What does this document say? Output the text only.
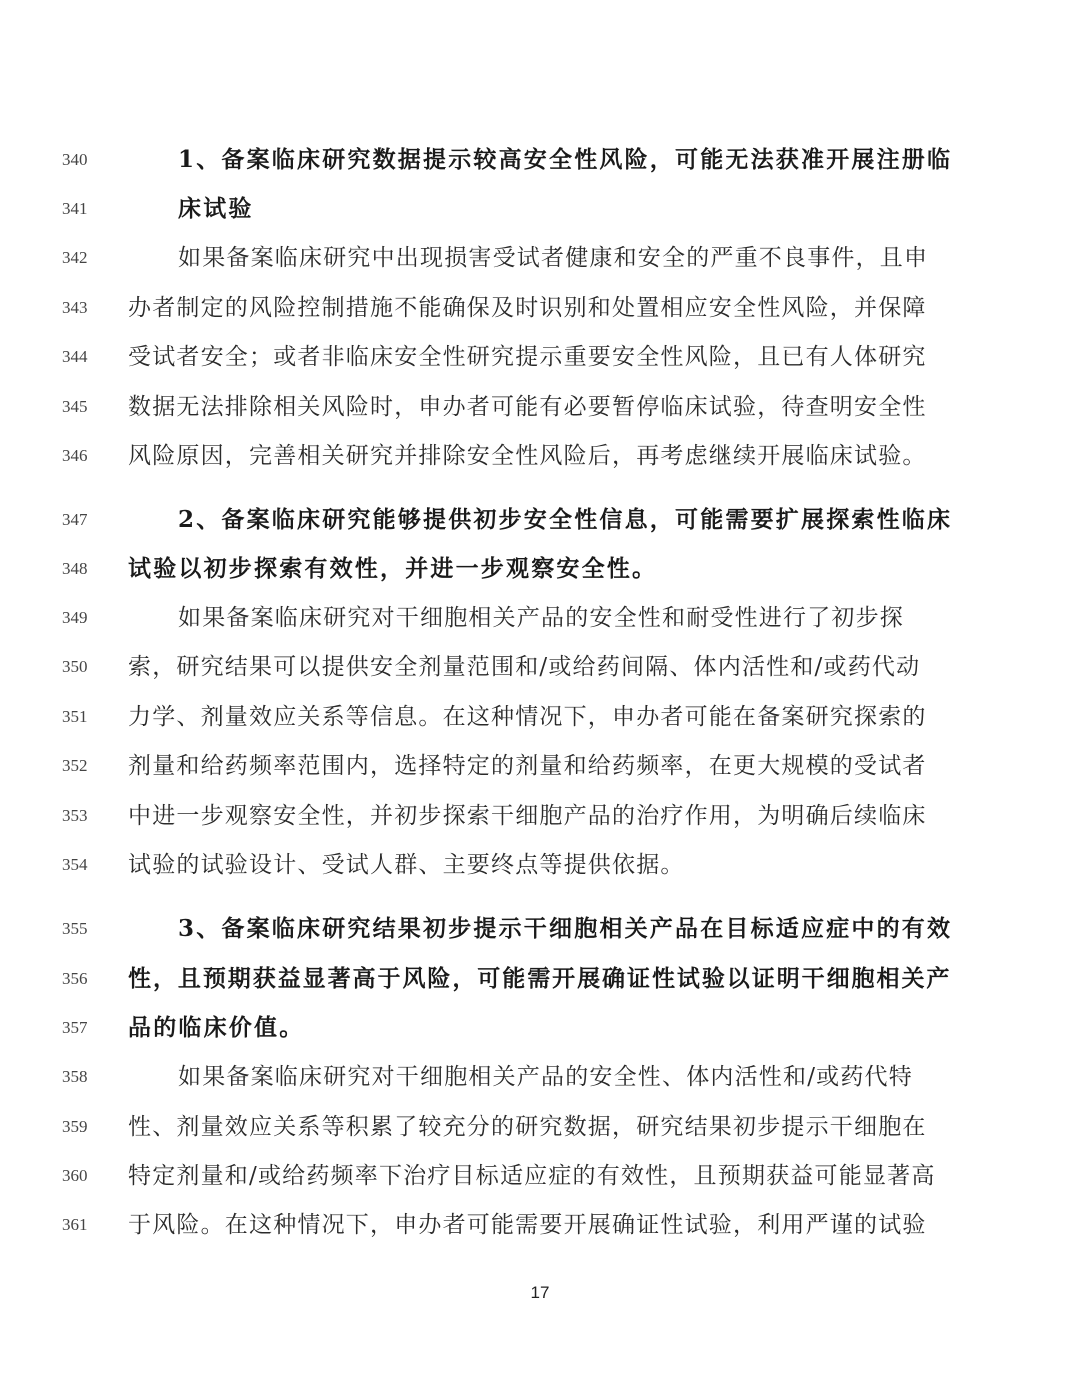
340	1、备案临床研究数据提示较高安全性风险，可能无法获准开展注册临
341	床试验
342	如果备案临床研究中出现损害受试者健康和安全的严重不良事件，且申
343	办者制定的风险控制措施不能确保及时识别和处置相应安全性风险，并保障
344	受试者安全；或者非临床安全性研究提示重要安全性风险，且已有人体研究
345	数据无法排除相关风险时，申办者可能有必要暂停临床试验，待查明安全性
346	风险原因，完善相关研究并排除安全性风险后，再考虑继续开展临床试验。
347	2、备案临床研究能够提供初步安全性信息，可能需要扩展探索性临床
348	试验以初步探索有效性，并进一步观察安全性。
349	如果备案临床研究对干细胞相关产品的安全性和耐受性进行了初步探
350	索，研究结果可以提供安全剂量范围和/或给药间隔、体内活性和/或药代动
351	力学、剂量效应关系等信息。在这种情况下，申办者可能在备案研究探索的
352	剂量和给药频率范围内，选择特定的剂量和给药频率，在更大规模的受试者
353	中进一步观察安全性，并初步探索干细胞产品的治疗作用，为明确后续临床
354	试验的试验设计、受试人群、主要终点等提供依据。
355	3、备案临床研究结果初步提示干细胞相关产品在目标适应症中的有效
356	性，且预期获益显著高于风险，可能需开展确证性试验以证明干细胞相关产
357	品的临床价值。
358	如果备案临床研究对干细胞相关产品的安全性、体内活性和/或药代特
359	性、剂量效应关系等积累了较充分的研究数据，研究结果初步提示干细胞在
360	特定剂量和/或给药频率下治疗目标适应症的有效性，且预期获益可能显著高
361	于风险。在这种情况下，申办者可能需要开展确证性试验，利用严谨的试验
17
